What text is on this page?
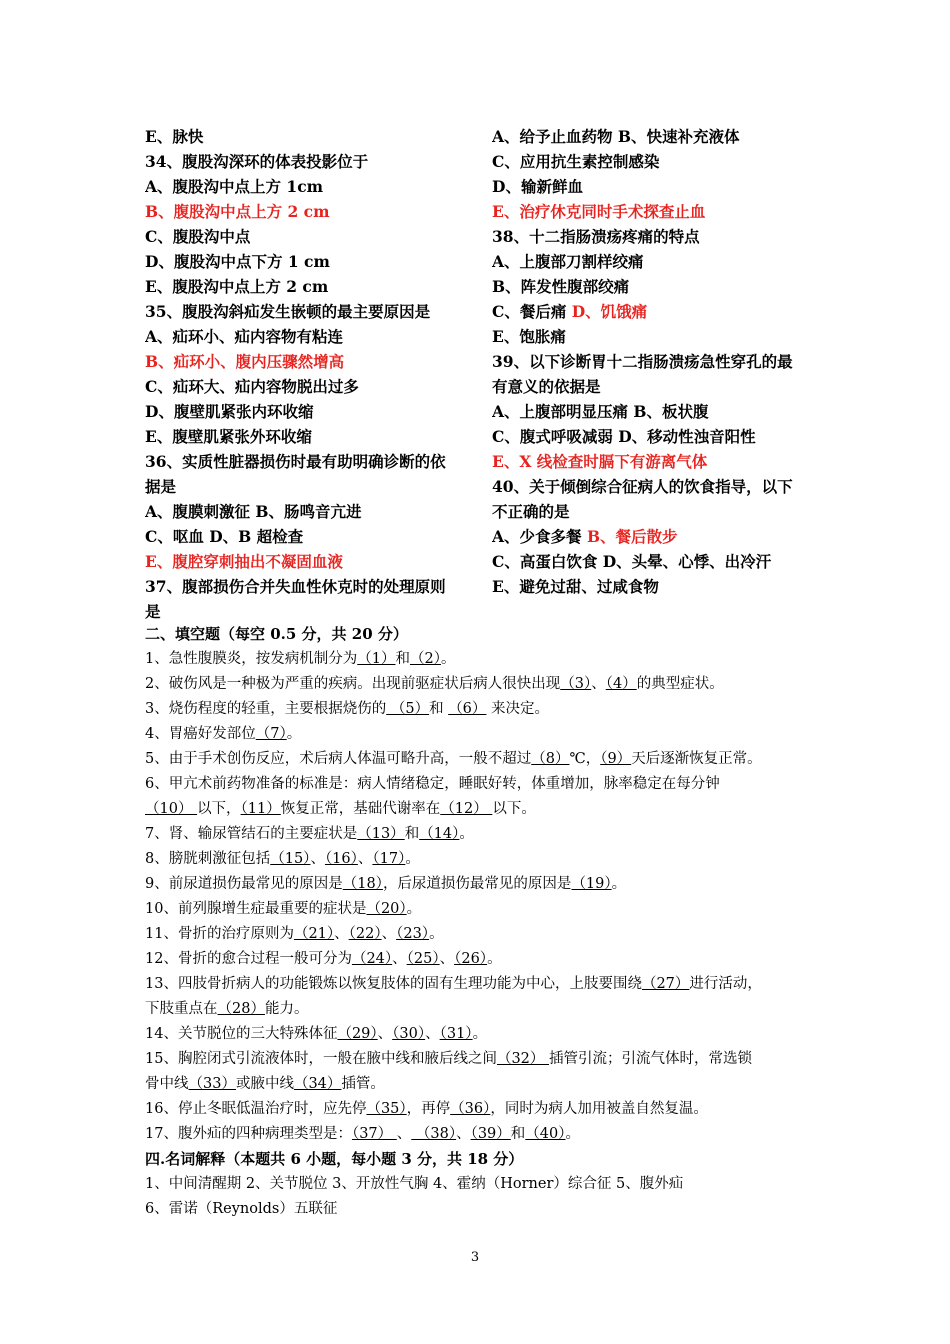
E、脉快
34、腹股沟深环的体表投影位于
A、腹股沟中点上方 1cm
B、腹股沟中点上方 2 cm
C、腹股沟中点
D、腹股沟中点下方 1 cm
E、腹股沟中点上方 2 cm
35、腹股沟斜疝发生嵌顿的最主要原因是
A、疝环小、疝内容物有粘连
B、疝环小、腹内压骤然增高
C、疝环大、疝内容物脱出过多
D、腹壁肌紧张内环收缩
E、腹壁肌紧张外环收缩
36、实质性脏器损伤时最有助明确诊断的依
据是
A、腹膜刺激征 B、肠鸣音亢进
C、呕血 D、B 超检查
E、腹腔穿刺抽出不凝固血液
37、腹部损伤合并失血性休克时的处理原则
是
A、给予止血药物 B、快速补充液体
C、应用抗生素控制感染
D、输新鲜血
E、治疗休克同时手术探查止血
38、十二指肠溃疡疼痛的特点
A、上腹部刀割样绞痛
B、阵发性腹部绞痛
C、餐后痛 D、饥饿痛
E、饱胀痛
39、以下诊断胃十二指肠溃疡急性穿孔的最
有意义的依据是
A、上腹部明显压痛 B、板状腹
C、腹式呼吸减弱 D、移动性浊音阳性
E、X 线检查时膈下有游离气体
40、关于倾倒综合征病人的饮食指导，以下
不正确的是
A、少食多餐 B、餐后散步
C、高蛋白饮食 D、头晕、心悸、出冷汗
E、避免过甜、过咸食物
二、填空题（每空 0.5 分，共 20 分）
1、急性腹膜炎，按发病机制分为（1）和（2）。
2、破伤风是一种极为严重的疾病。出现前驱症状后病人很快出现（3）、（4）的典型症状。
3、烧伤程度的轻重，主要根据烧伤的 （5）和 （6） 来决定。
4、胃癌好发部位（7）。
5、由于手术创伤反应，术后病人体温可略升高，一般不超过（8）℃，（9）天后逐渐恢复正常。
6、甲亢术前药物准备的标准是：病人情绪稳定，睡眠好转，体重增加，脉率稳定在每分钟
（10） 以下，（11）恢复正常，基础代谢率在（12） 以下。
7、肾、输尿管结石的主要症状是（13）和（14）。
8、膀胱刺激征包括（15）、（16）、（17）。
9、前尿道损伤最常见的原因是（18），后尿道损伤最常见的原因是（19）。
10、前列腺增生症最重要的症状是（20）。
11、骨折的治疗原则为（21）、（22）、（23）。
12、骨折的愈合过程一般可分为（24）、（25）、（26）。
13、四肢骨折病人的功能锻炼以恢复肢体的固有生理功能为中心，上肢要围绕（27）进行活动，
下肢重点在（28）能力。
14、关节脱位的三大特殊体征（29）、（30）、（31）。
15、胸腔闭式引流液体时，一般在腋中线和腋后线之间（32） 插管引流；引流气体时，常选锁
骨中线（33）或腋中线（34）插管。
16、停止冬眠低温治疗时，应先停（35），再停（36），同时为病人加用被盖自然复温。
17、腹外疝的四种病理类型是：（37） 、 （38）、（39）和（40）。
四.名词解释（本题共 6 小题，每小题 3 分，共 18 分）
1、中间清醒期 2、关节脱位 3、开放性气胸 4、霍纳（Horner）综合征 5、腹外疝
6、雷诺（Reynolds）五联征
3
